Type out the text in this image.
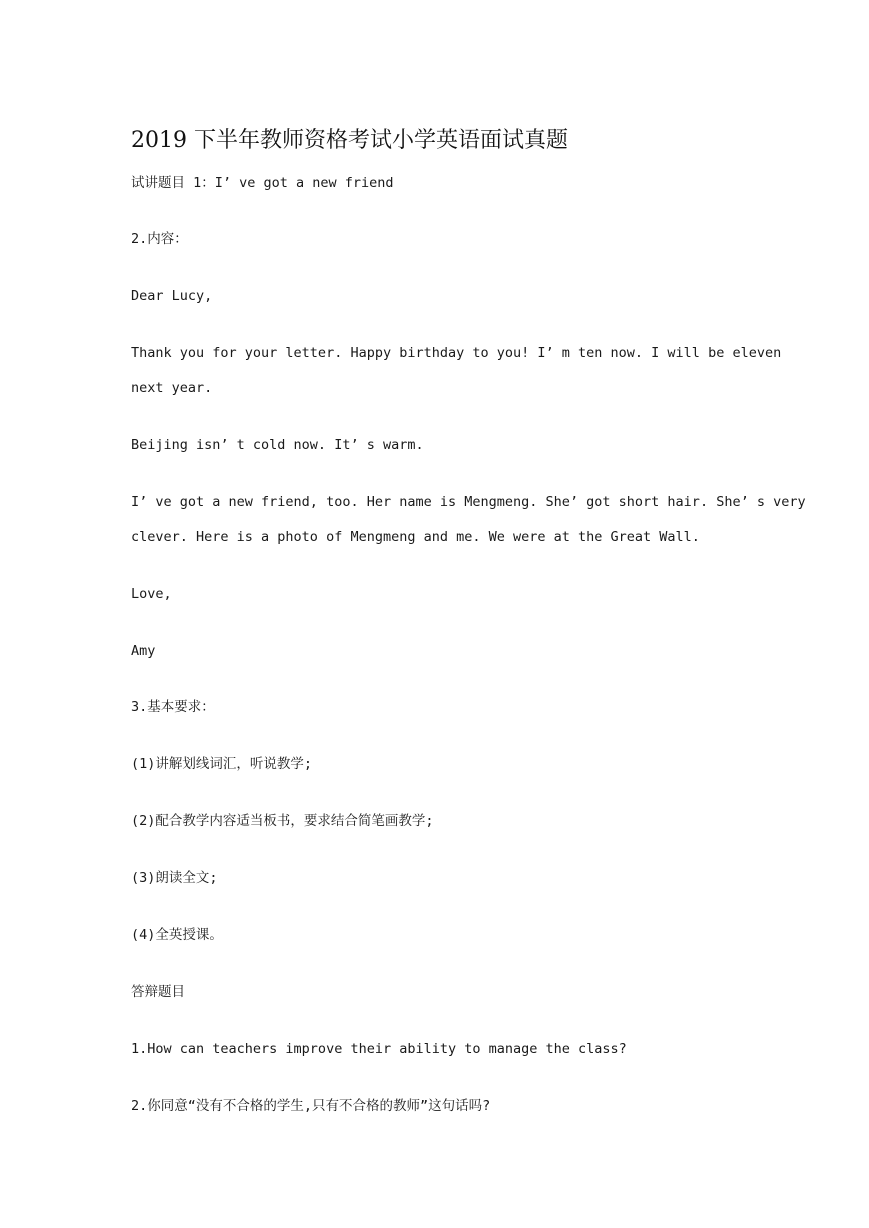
2019 下半年教师资格考试小学英语面试真题
试讲题目 1：I’ ve got a new friend
2.内容：
Dear Lucy,
Thank you for your letter. Happy birthday to you! I’ m ten now. I will be eleven
next year.
Beijing isn’ t cold now. It’ s warm.
I’ ve got a new friend, too. Her name is Mengmeng. She’ got short hair. She’ s very
clever. Here is a photo of Mengmeng and me. We were at the Great Wall.
Love,
Amy
3.基本要求：
(1)讲解划线词汇，听说教学;
(2)配合教学内容适当板书，要求结合简笔画教学;
(3)朗读全文;
(4)全英授课。
答辩题目
1.How can teachers improve their ability to manage the class?
2.你同意“没有不合格的学生,只有不合格的教师”这句话吗?
